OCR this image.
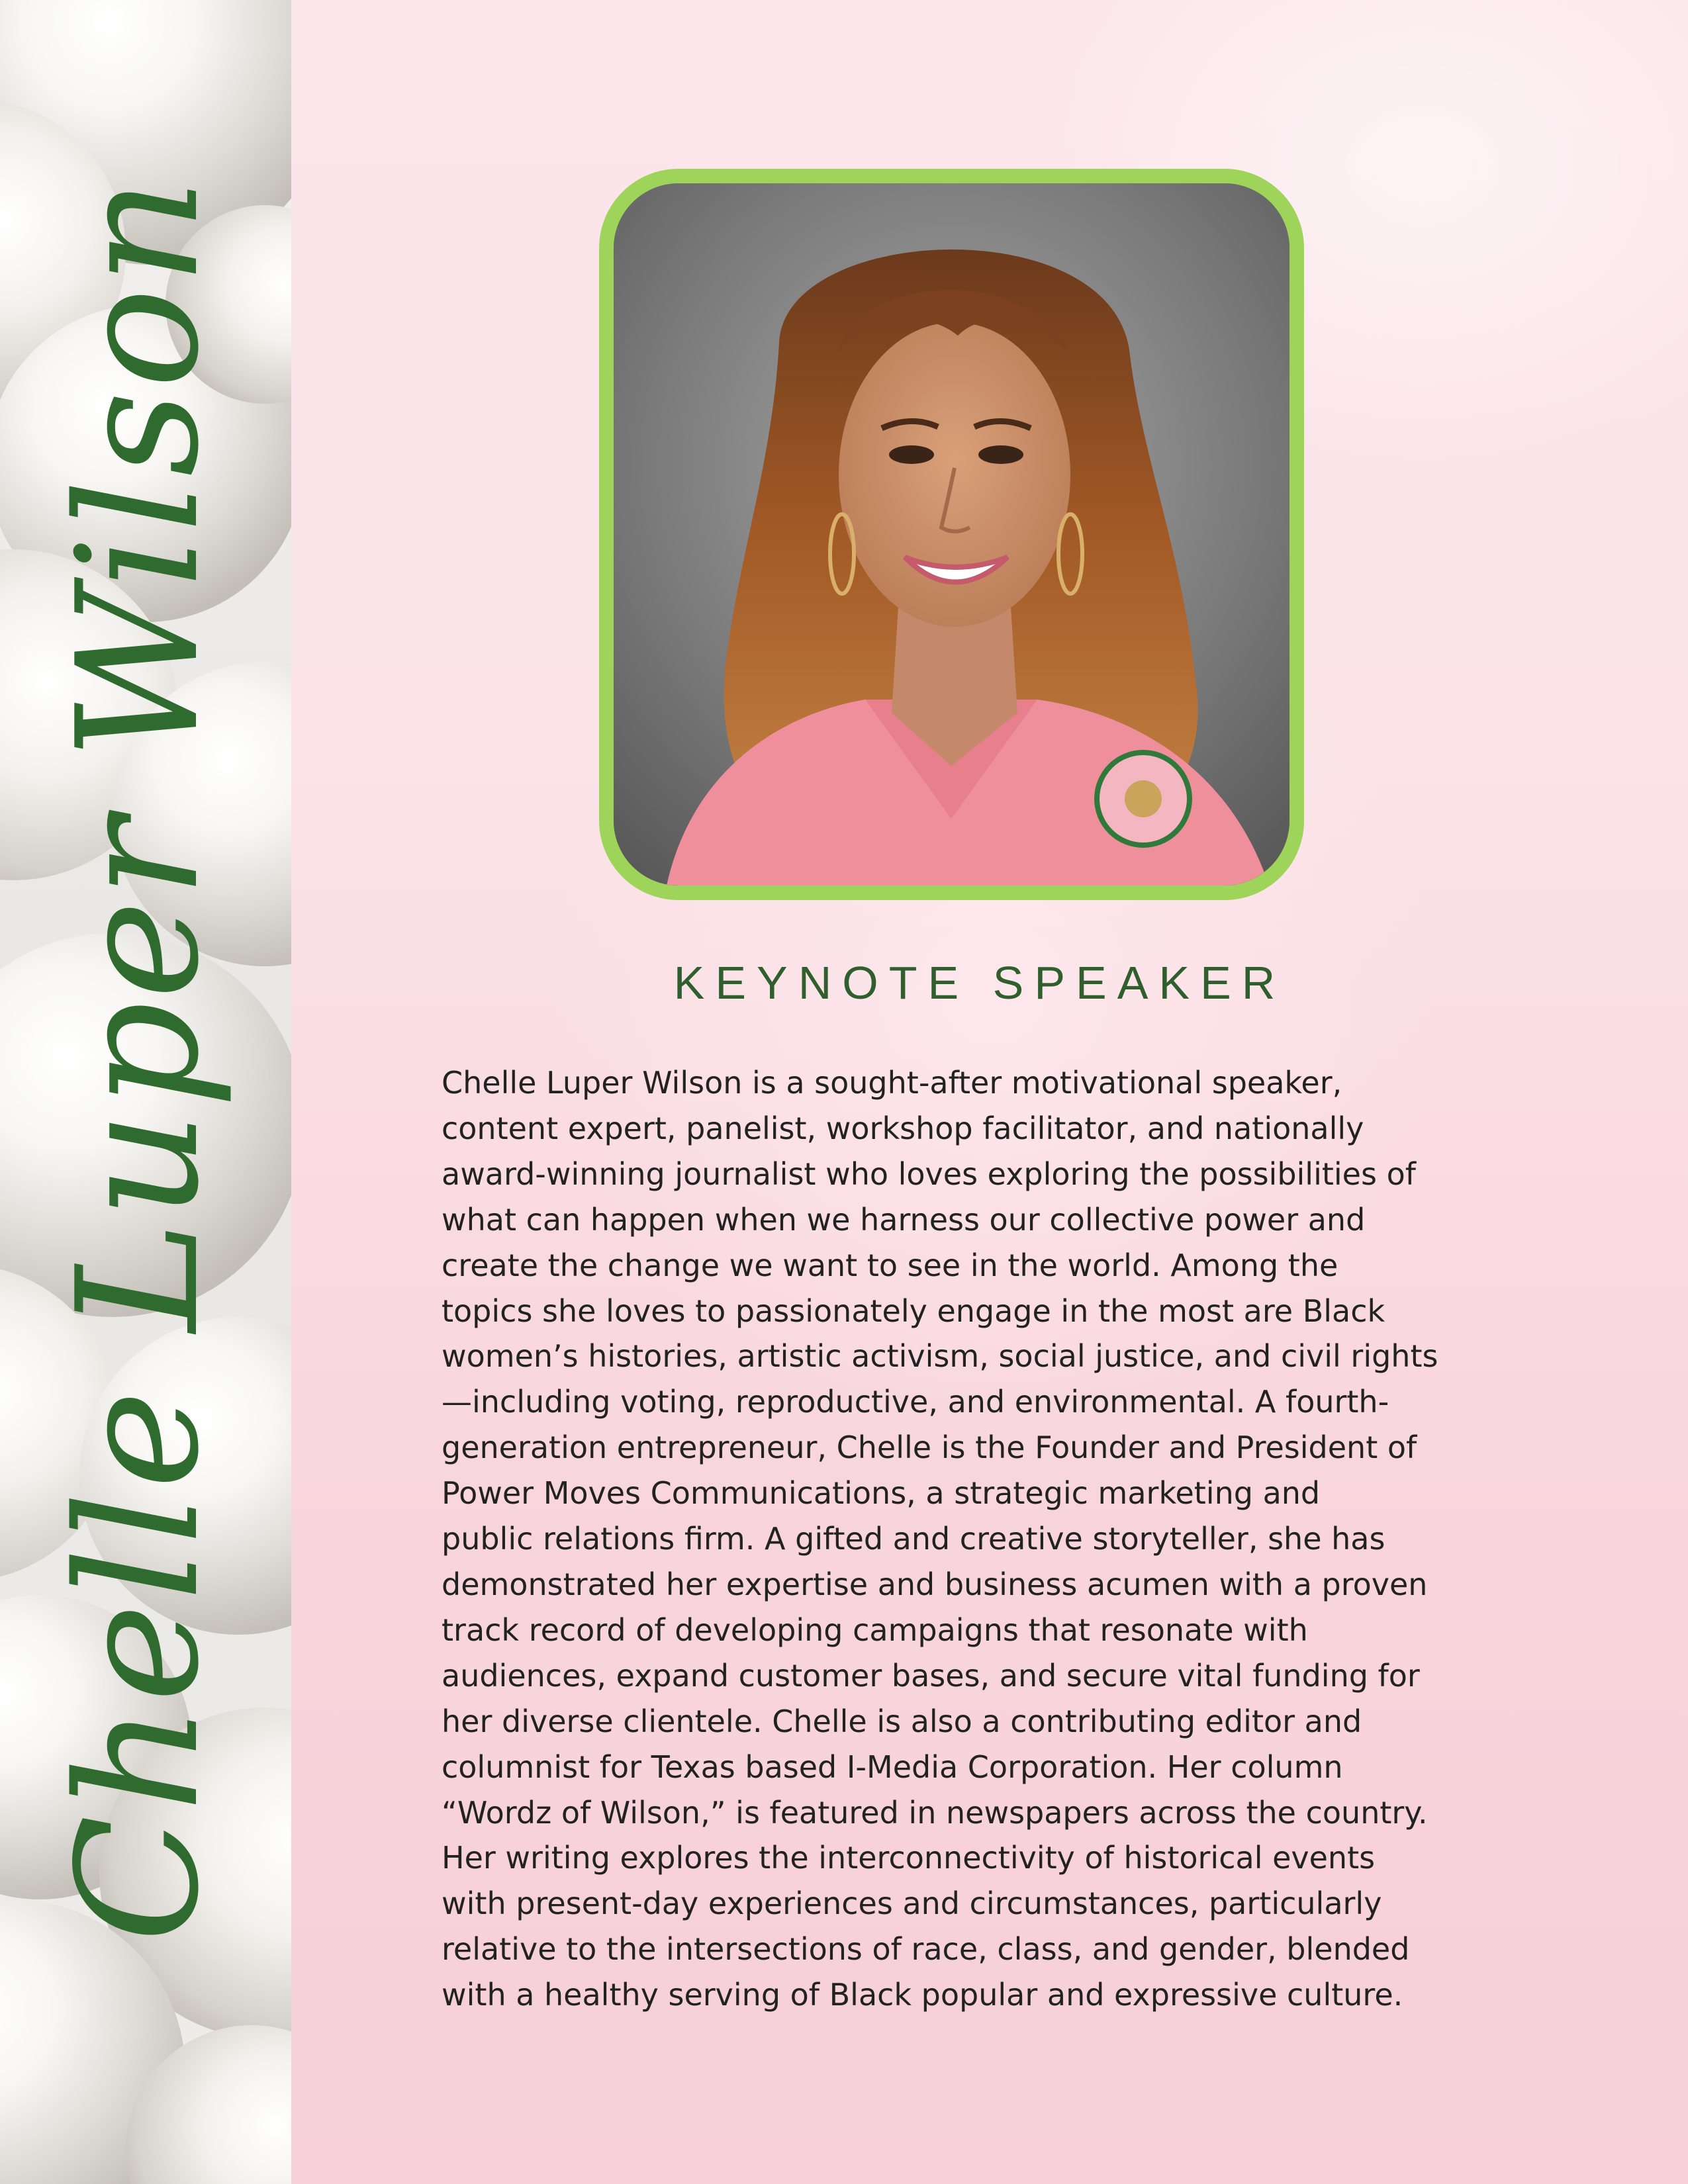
Chelle Luper Wilson	KEYNOTE SPEAKER
Chelle Luper Wilson is a sought-after motivational speaker,
content expert, panelist, workshop facilitator, and nationally
award-winning journalist who loves exploring the possibilities of
what can happen when we harness our collective power and
create the change we want to see in the world. Among the
topics she loves to passionately engage in the most are Black
women’s histories, artistic activism, social justice, and civil rights
—including voting, reproductive, and environmental. A fourth-
generation entrepreneur, Chelle is the Founder and President of
Power Moves Communications, a strategic marketing and
public relations firm. A gifted and creative storyteller, she has
demonstrated her expertise and business acumen with a proven
track record of developing campaigns that resonate with
audiences, expand customer bases, and secure vital funding for
her diverse clientele. Chelle is also a contributing editor and
columnist for Texas based I-Media Corporation. Her column
“Wordz of Wilson,” is featured in newspapers across the country.
Her writing explores the interconnectivity of historical events
with present-day experiences and circumstances, particularly
relative to the intersections of race, class, and gender, blended
with a healthy serving of Black popular and expressive culture.
